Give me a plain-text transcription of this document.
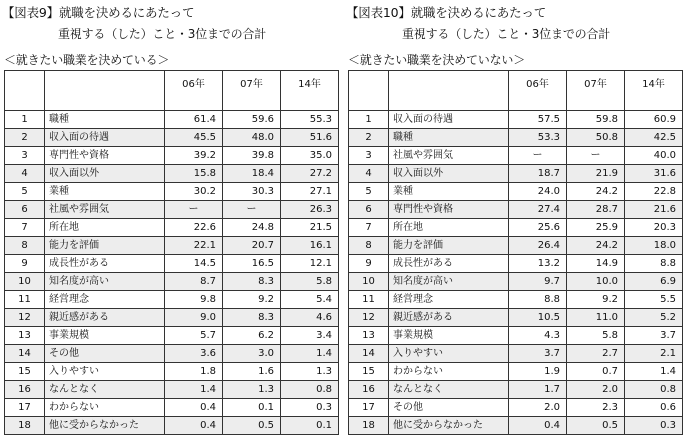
【図表9】就職を決めるにあたって
重視する（した）こと・3位までの合計
＜就きたい職業を決めている＞
		06年	07年	14年
1	職種	61.4	59.6	55.3
2	収入面の待遇	45.5	48.0	51.6
3	専門性や資格	39.2	39.8	35.0
4	収入面以外	15.8	18.4	27.2
5	業種	30.2	30.3	27.1
6	社風や雰囲気	ー	ー	26.3
7	所在地	22.6	24.8	21.5
8	能力を評価	22.1	20.7	16.1
9	成長性がある	14.5	16.5	12.1
10	知名度が高い	8.7	8.3	5.8
11	経営理念	9.8	9.2	5.4
12	親近感がある	9.0	8.3	4.6
13	事業規模	5.7	6.2	3.4
14	その他	3.6	3.0	1.4
15	入りやすい	1.8	1.6	1.3
16	なんとなく	1.4	1.3	0.8
17	わからない	0.4	0.1	0.3
18	他に受からなかった	0.4	0.5	0.1
【図表10】就職を決めるにあたって
重視する（した）こと・3位までの合計
＜就きたい職業を決めていない＞
		06年	07年	14年
1	収入面の待遇	57.5	59.8	60.9
2	職種	53.3	50.8	42.5
3	社風や雰囲気	ー	ー	40.0
4	収入面以外	18.7	21.9	31.6
5	業種	24.0	24.2	22.8
6	専門性や資格	27.4	28.7	21.6
7	所在地	25.6	25.9	20.3
8	能力を評価	26.4	24.2	18.0
9	成長性がある	13.2	14.9	8.8
10	知名度が高い	9.7	10.0	6.9
11	経営理念	8.8	9.2	5.5
12	親近感がある	10.5	11.0	5.2
13	事業規模	4.3	5.8	3.7
14	入りやすい	3.7	2.7	2.1
15	わからない	1.9	0.7	1.4
16	なんとなく	1.7	2.0	0.8
17	その他	2.0	2.3	0.6
18	他に受からなかった	0.4	0.5	0.3
